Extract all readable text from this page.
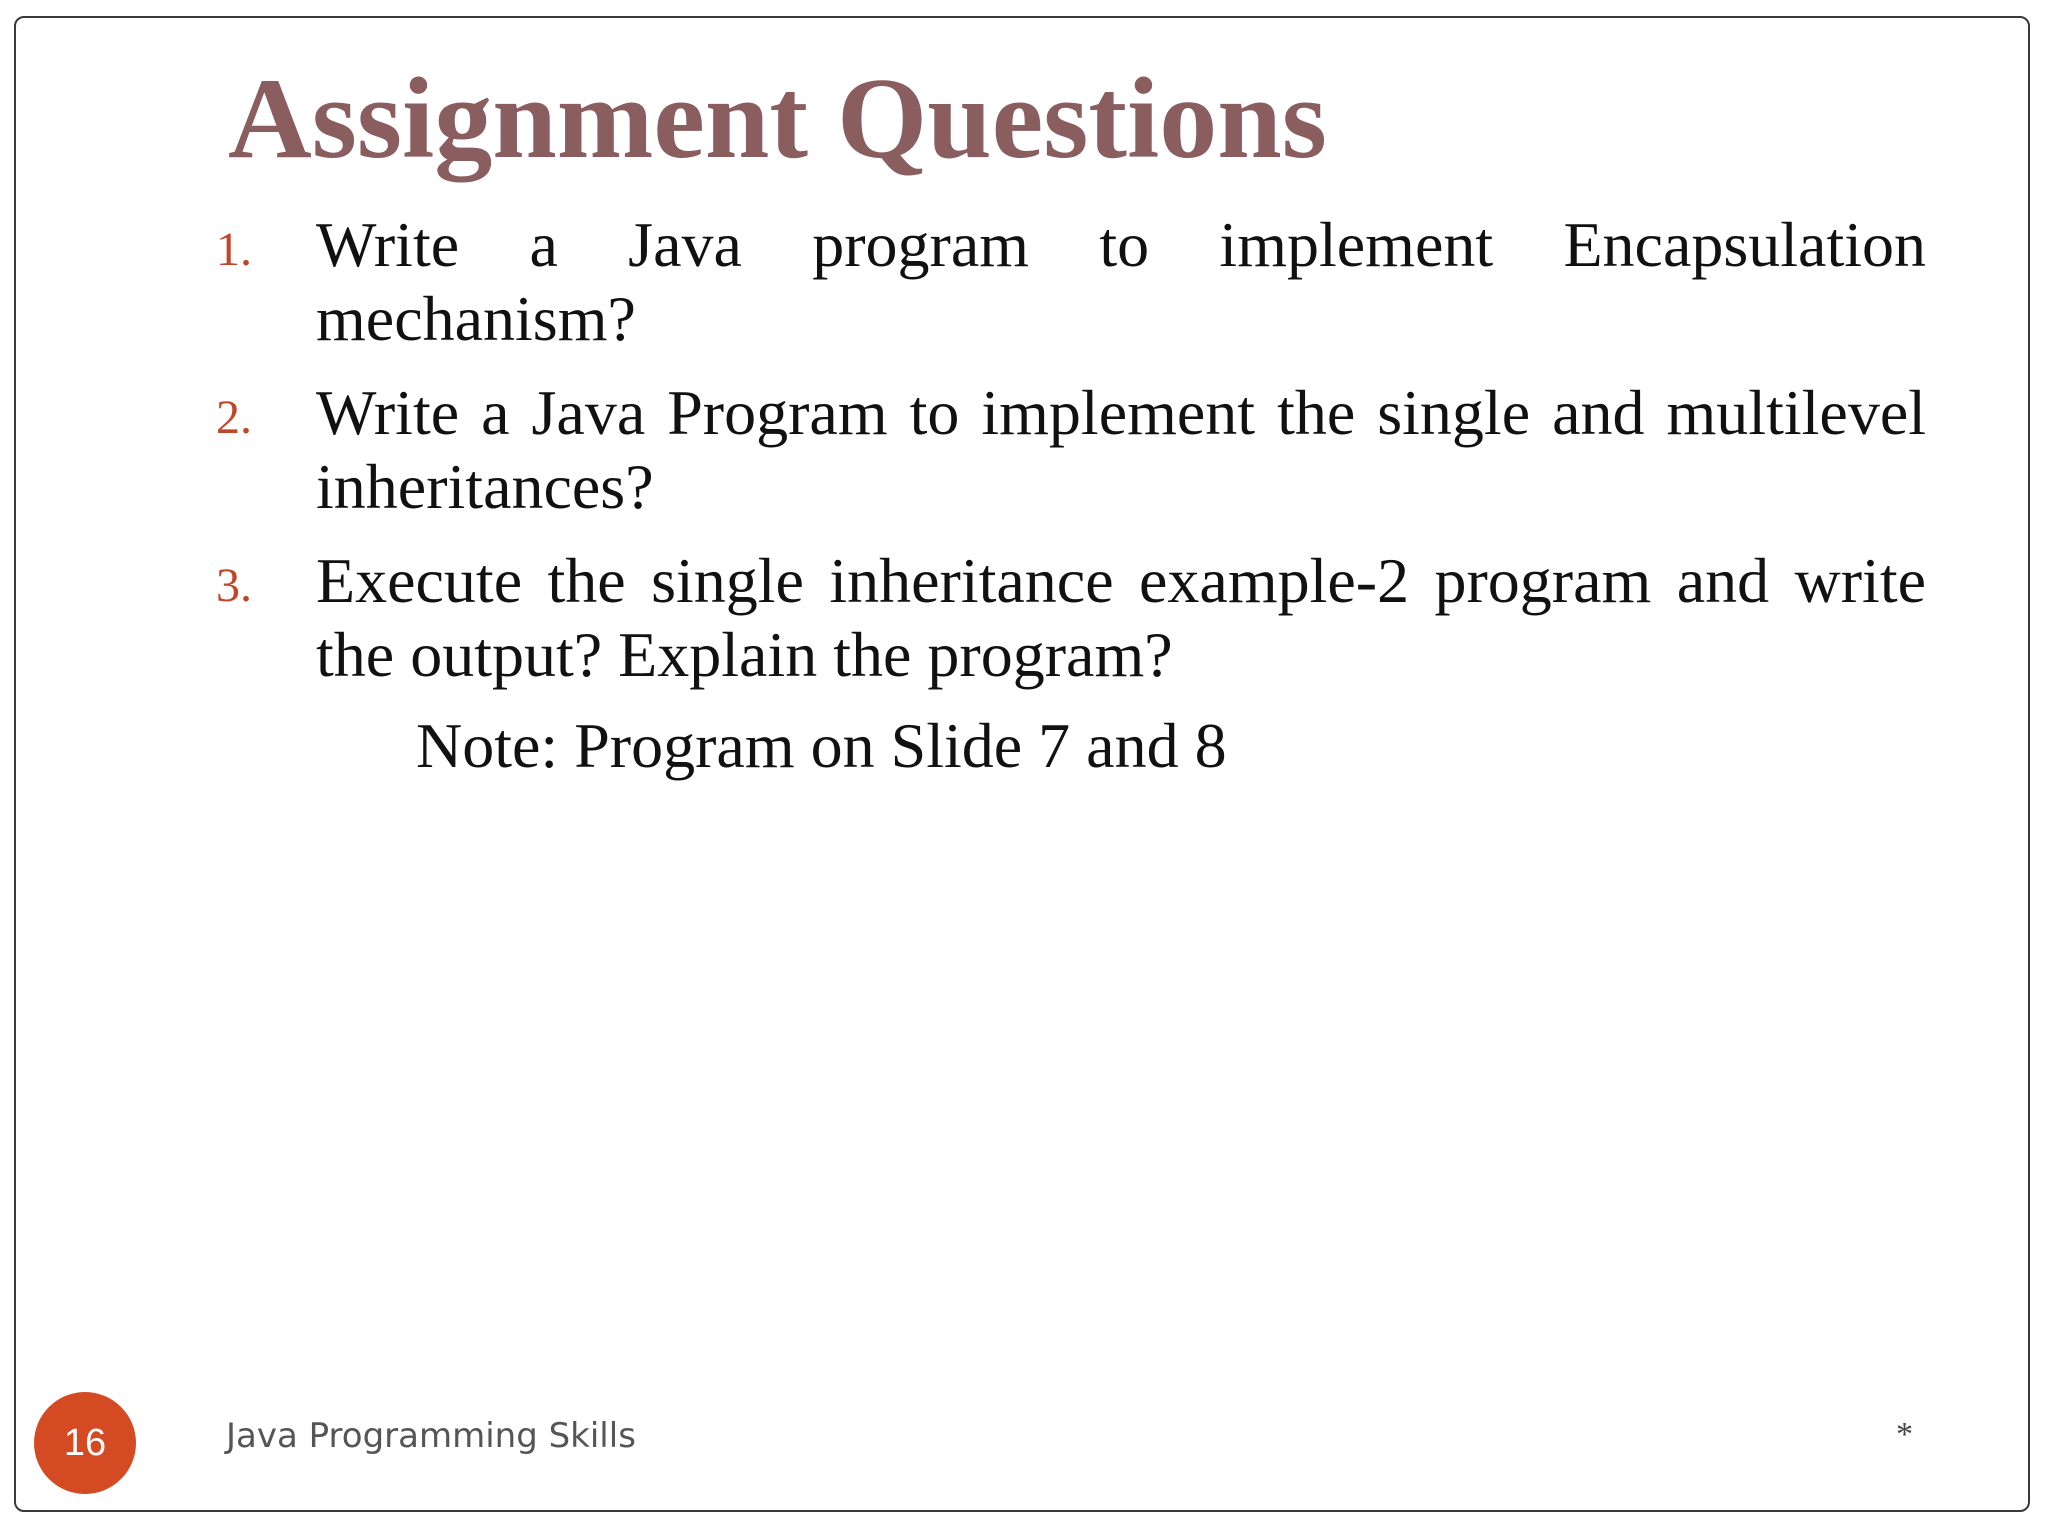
Assignment Questions
1.	Write a Java program to implement Encapsulation mechanism?
2.	Write a Java Program to implement the single and multilevel inheritances?
3.	Execute the single inheritance example-2 program and write the output? Explain the program?

Note: Program on Slide 7 and 8

16	Java Programming Skills	*
